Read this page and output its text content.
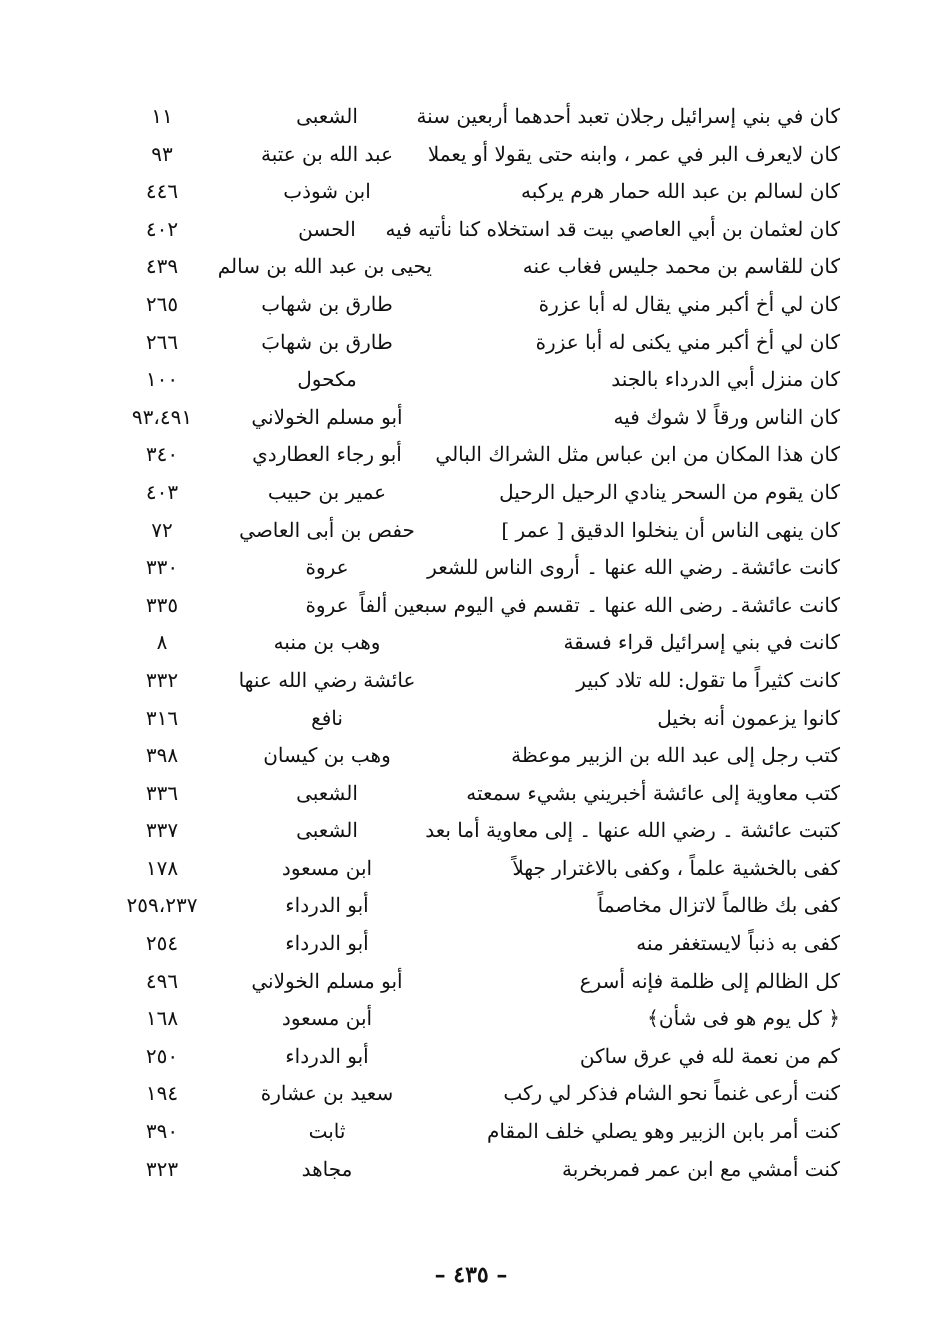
كان في بني إسرائيل رجلان تعبد أحدهما أربعين سنة
الشعبى
١١
كان لايعرف البر في عمر ، وابنه حتى يقولا أو يعملا
عبد الله بن عتبة
٩٣
كان لسالم بن عبد الله حمار هرم يركبه
ابن شوذب
٤٤٦
كان لعثمان بن أبي العاصي بيت قد استخلاه كنا نأتيه فيه
الحسن
٤٠٢
كان للقاسم بن محمد جليس فغاب عنه
يحيى بن عبد الله بن سالم
٤٣٩
كان لي أخ أكبر مني يقال له أبا عزرة
طارق بن شهاب
٢٦٥
كان لي أخ أكبر مني يكنى له أبا عزرة
طارق بن شهابَ
٢٦٦
كان منزل أبي الدرداء بالجند
مكحول
١٠٠
كان الناس ورقاً لا شوك فيه
أبو مسلم الخولاني
٩٣،٤٩١
كان هذا المكان من ابن عباس مثل الشراك البالي
أبو رجاء العطاردي
٣٤٠
كان يقوم من السحر ينادي الرحيل الرحيل
عمير بن حبيب
٤٠٣
كان ينهى الناس أن ينخلوا الدقيق [ عمر ]
حفص بن أبى العاصي
٧٢
كانت عائشة۔ رضي الله عنها ۔ أروى الناس للشعر
عروة
٣٣٠
كانت عائشة۔ رضى الله عنها ۔ تقسم في اليوم سبعين ألفاً
عروة
٣٣٥
كانت في بني إسرائيل قراء فسقة
وهب بن منبه
٨
كانت كثيراً ما تقول: لله تلاد كبير
عائشة رضي الله عنها
٣٣٢
كانوا يزعمون أنه بخيل
نافع
٣١٦
كتب رجل إلى عبد الله بن الزبير موعظة
وهب بن كيسان
٣٩٨
كتب معاوية إلى عائشة أخبريني بشيء سمعته
الشعبى
٣٣٦
كتبت عائشة ۔ رضي الله عنها ۔ إلى معاوية أما بعد
الشعبى
٣٣٧
كفى بالخشية علماً ، وكفى بالاغترار جهلاً
ابن مسعود
١٧٨
كفى بك ظالماً لاتزال مخاصماً
أبو الدرداء
٢٥٩،٢٣٧
كفى به ذنباً لايستغفر منه
أبو الدرداء
٢٥٤
كل الظالم إلى ظلمة فإنه أسرع
أبو مسلم الخولاني
٤٩٦
﴿ كل يوم هو فى شأن﴾
أبن مسعود
١٦٨
كم من نعمة لله في عرق ساكن
أبو الدرداء
٢٥٠
كنت أرعى غنماً نحو الشام فذكر لي ركب
سعيد بن عشارة
١٩٤
كنت أمر بابن الزبير وهو يصلي خلف المقام
ثابت
٣٩٠
كنت أمشي مع ابن عمر فمربخربة
مجاهد
٣٢٣
– ٤٣٥ –
